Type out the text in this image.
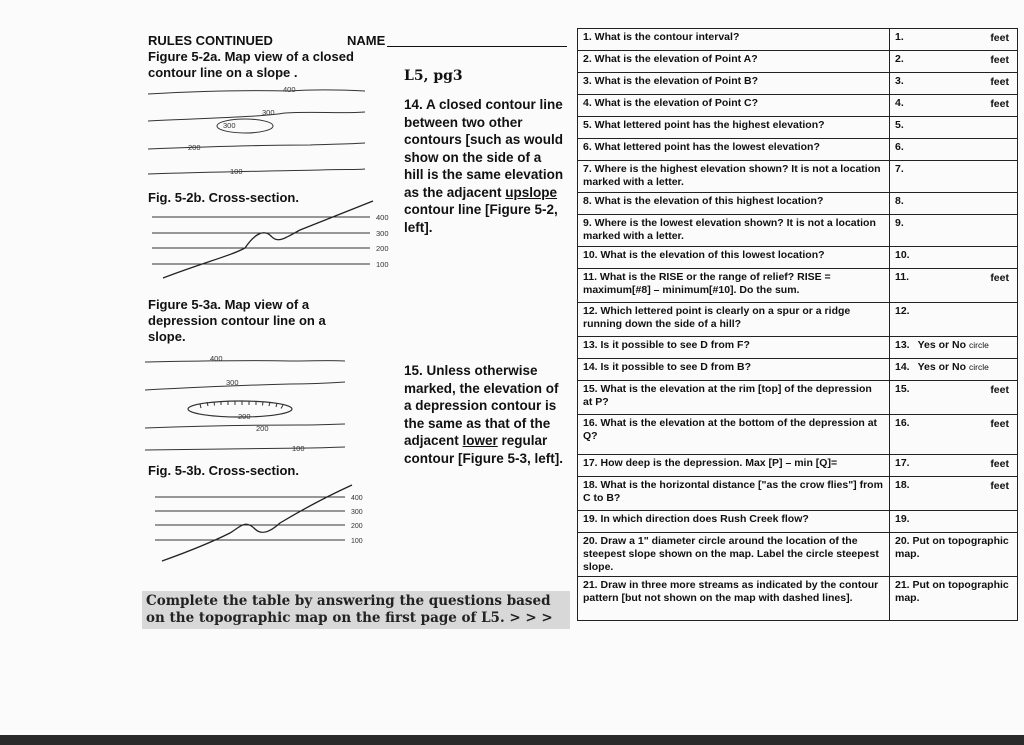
RULES CONTINUED	NAME
Figure 5-2a. Map view of a closed contour line on a slope .
400
300
300
200
100
Fig. 5-2b. Cross-section.
400
300
200
100
Figure 5-3a. Map view of a depression contour line on a slope.
400
300
200
200
100
Fig. 5-3b. Cross-section.
400
300
200
100
L5, pg3
14. A closed contour line between two other contours [such as would show on the side of a hill is the same elevation as the adjacent upslope contour line [Figure 5-2, left].
15. Unless otherwise marked, the elevation of a depression contour is the same as that of the adjacent lower regular contour [Figure 5-3, left].
Complete the table by answering the questions based on the topographic map on the first page of L5. > > >
1. What is the contour interval?	1. feet

2. What is the elevation of Point A?	2. feet

3. What is the elevation of Point B?	3. feet

4. What is the elevation of Point C?	4. feet

5. What lettered point has the highest elevation?	5.
6. What lettered point has the lowest elevation?	6.
7. Where is the highest elevation shown? It is not a location marked with a letter.	7.
8. What is the elevation of this highest location?	8.
9. Where is the lowest elevation shown? It is not a location marked with a letter.	9.
10. What is the elevation of this lowest location?	10.
11. What is the RISE or the range of relief? RISE = maximum[#8] – minimum[#10]. Do the sum.	11. feet

12. Which lettered point is clearly on a spur or a ridge running down the side of a hill?	12.
13. Is it possible to see D from F?	13. Yes or No circle
14. Is it possible to see D from B?	14. Yes or No circle
15. What is the elevation at the rim [top] of the depression at P?	15. feet

16. What is the elevation at the bottom of the depression at Q?	16. feet

17. How deep is the depression. Max [P] – min [Q]=	17. feet

18. What is the horizontal distance ["as the crow flies"] from C to B?	18. feet

19. In which direction does Rush Creek flow?	19.
20. Draw a 1" diameter circle around the location of the steepest slope shown on the map. Label the circle steepest slope.	20. Put on topographic map.
21. Draw in three more streams as indicated by the contour pattern [but not shown on the map with dashed lines].	21. Put on topographic map.
